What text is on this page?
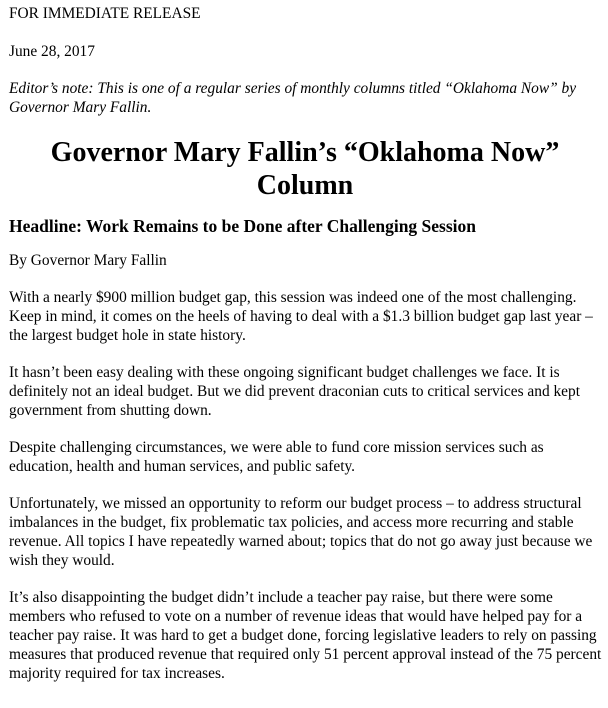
FOR IMMEDIATE RELEASE

June 28, 2017

Editor’s note: This is one of a regular series of monthly columns titled “Oklahoma Now” by Governor Mary Fallin.

Governor Mary Fallin’s “Oklahoma Now” Column

Headline: Work Remains to be Done after Challenging Session

By Governor Mary Fallin

With a nearly $900 million budget gap, this session was indeed one of the most challenging. Keep in mind, it comes on the heels of having to deal with a $1.3 billion budget gap last year – the largest budget hole in state history.

It hasn’t been easy dealing with these ongoing significant budget challenges we face. It is definitely not an ideal budget. But we did prevent draconian cuts to critical services and kept government from shutting down.

Despite challenging circumstances, we were able to fund core mission services such as education, health and human services, and public safety.

Unfortunately, we missed an opportunity to reform our budget process – to address structural imbalances in the budget, fix problematic tax policies, and access more recurring and stable revenue. All topics I have repeatedly warned about; topics that do not go away just because we wish they would.

It’s also disappointing the budget didn’t include a teacher pay raise, but there were some members who refused to vote on a number of revenue ideas that would have helped pay for a teacher pay raise. It was hard to get a budget done, forcing legislative leaders to rely on passing measures that produced revenue that required only 51 percent approval instead of the 75 percent majority required for tax increases.
